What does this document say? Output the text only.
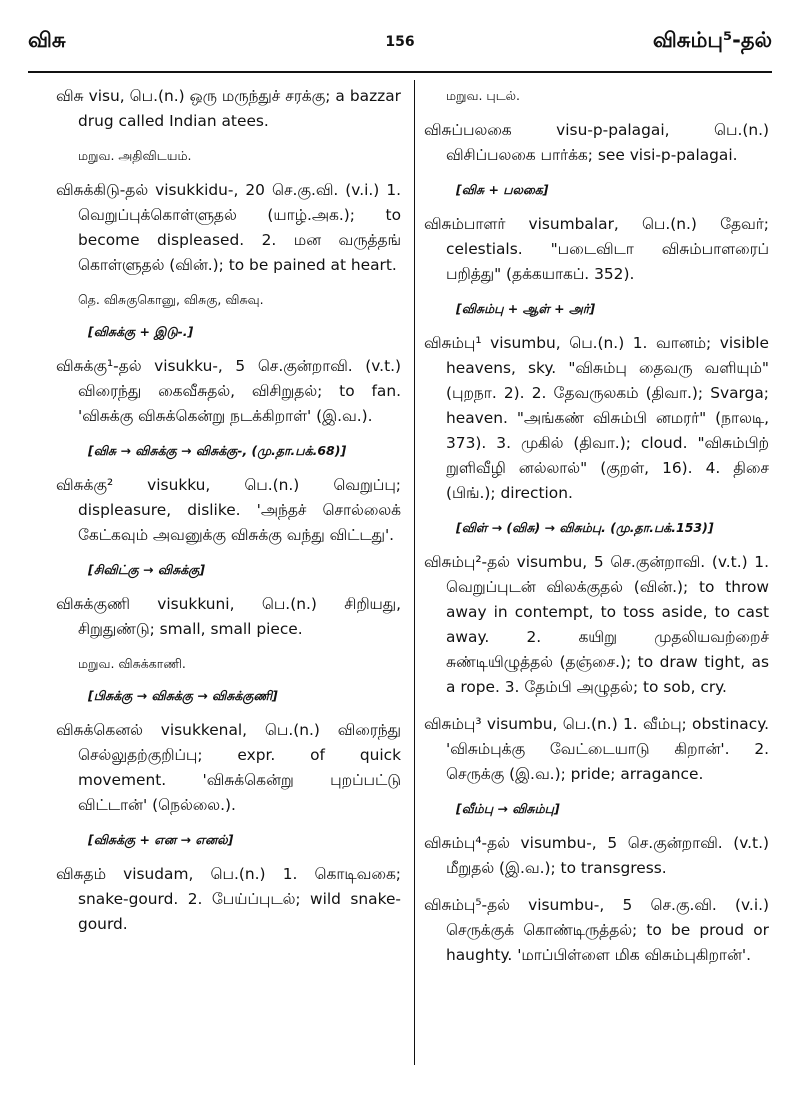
விசு	156	விசும்பு⁵-தல்
விசு visu, பெ.(n.) ஒரு மருந்துச் சரக்கு; a bazzar drug called Indian atees.
மறுவ. அதிவிடயம்.
விசுக்கிடு-தல் visukkidu-, 20 செ.கு.வி. (v.i.) 1. வெறுப்புக்கொள்ளுதல் (யாழ்.அக.); to become displeased. 2. மன வருத்தங் கொள்ளுதல் (வின்.); to be pained at heart.
தெ. விசுகுகொனு, விசுகு, விசுவு.
[விசுக்கு + இடு-.]
விசுக்கு¹-தல் visukku-, 5 செ.குன்றாவி. (v.t.) விரைந்து கைவீசுதல், விசிறுதல்; to fan. 'விசுக்கு விசுக்கென்று நடக்கிறாள்' (இ.வ.).
[விசு → விசுக்கு → விசுக்கு-, (மு.தா.பக்.68)]
விசுக்கு² visukku, பெ.(n.) வெறுப்பு; displeasure, dislike. 'அந்தச் சொல்லைக் கேட்கவும் அவனுக்கு விசுக்கு வந்து விட்டது'.
[சிவிட்கு → விசுக்கு]
விசுக்குணி visukkuni, பெ.(n.) சிறியது, சிறுதுண்டு; small, small piece.
மறுவ. விசுக்காணி.
[பிசுக்கு → விசுக்கு → விசுக்குணி]
விசுக்கெனல் visukkenal, பெ.(n.) விரைந்து செல்லுதற்குறிப்பு; expr. of quick movement. 'விசுக்கென்று புறப்பட்டு விட்டான்' (நெல்லை.).
[விசுக்கு + என → எனல்]
விசுதம் visudam, பெ.(n.) 1. கொடிவகை; snake-gourd. 2. பேய்ப்புடல்; wild snake-gourd.
மறுவ. புடல்.
விசுப்பலகை visu-p-palagai, பெ.(n.) விசிப்பலகை பார்க்க; see visi-p-palagai.
[விசு + பலகை]
விசும்பாளர் visumbalar, பெ.(n.) தேவர்; celestials. "படைவிடா விசும்பாளரைப் பறித்து" (தக்கயாகப். 352).
[விசும்பு + ஆள் + அர்]
விசும்பு¹ visumbu, பெ.(n.) 1. வானம்; visible heavens, sky. "விசும்பு தைவரு வளியும்" (புறநா. 2). 2. தேவருலகம் (திவா.); Svarga; heaven. "அங்கண் விசும்பி னமரர்" (நாலடி, 373). 3. முகில் (திவா.); cloud. "விசும்பிற் றுளிவீழி னல்லால்" (குறள், 16). 4. திசை (பிங்.); direction.
[விள் → (விசு) → விசும்பு. (மு.தா.பக்.153)]
விசும்பு²-தல் visumbu, 5 செ.குன்றாவி. (v.t.) 1. வெறுப்புடன் விலக்குதல் (வின்.); to throw away in contempt, to toss aside, to cast away. 2. கயிறு முதலியவற்றைச் சுண்டியிழுத்தல் (தஞ்சை.); to draw tight, as a rope. 3. தேம்பி அழுதல்; to sob, cry.
விசும்பு³ visumbu, பெ.(n.) 1. வீம்பு; obstinacy. 'விசும்புக்கு வேட்டையாடு கிறான்'. 2. செருக்கு (இ.வ.); pride; arragance.
[வீம்பு → விசும்பு]
விசும்பு⁴-தல் visumbu-, 5 செ.குன்றாவி. (v.t.) மீறுதல் (இ.வ.); to transgress.
விசும்பு⁵-தல் visumbu-, 5 செ.கு.வி. (v.i.) செருக்குக் கொண்டிருத்தல்; to be proud or haughty. 'மாப்பிள்ளை மிக விசும்புகிறான்'.
